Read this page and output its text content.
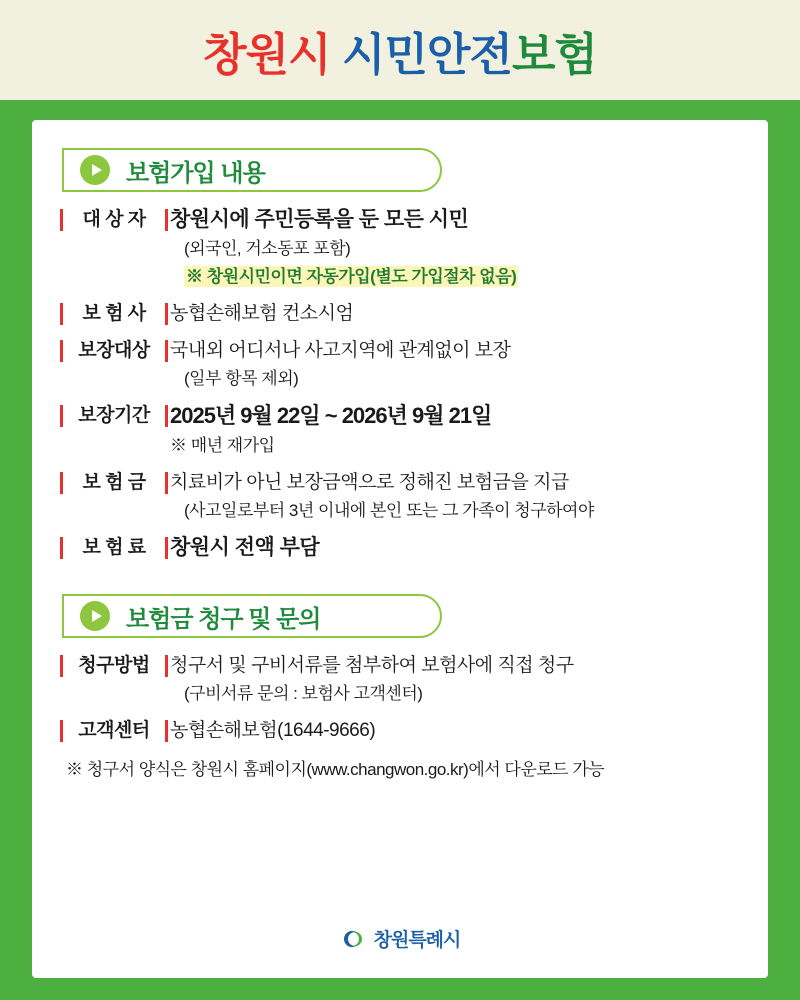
창원시 시민안전보험
보험가입 내용
대 상 자	창원시에 주민등록을 둔 모든 시민
(외국인, 거소동포 포함)
※ 창원시민이면 자동가입(별도 가입절차 없음)
보 험 사	농협손해보험 컨소시엄
보장대상	국내외 어디서나 사고지역에 관계없이 보장
(일부 항목 제외)
보장기간 2025년 9월 22일 ~ 2026년 9월 21일
※ 매년 재가입
보 험 금	치료비가 아닌 보장금액으로 정해진 보험금을 지급
(사고일로부터 3년 이내에 본인 또는 그 가족이 청구하여야
보 험 료	창원시 전액 부담
보험금 청구 및 문의
청구방법	청구서 및 구비서류를 첨부하여 보험사에 직접 청구
(구비서류 문의 : 보험사 고객센터)
고객센터	농협손해보험(1644-9666)
※ 청구서 양식은 창원시 홈페이지(www.changwon.go.kr)에서 다운로드 가능
창원특례시
